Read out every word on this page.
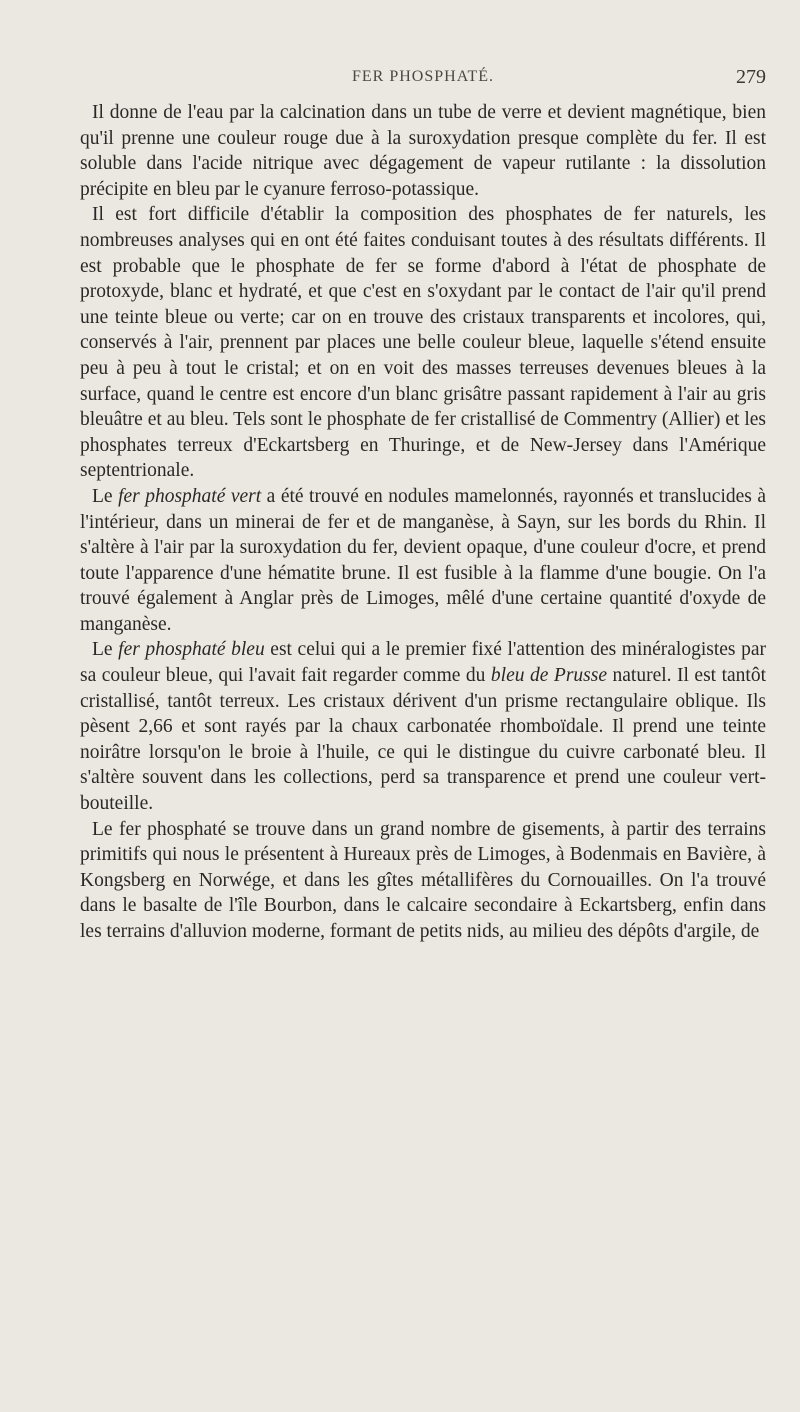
FER PHOSPHATÉ.	279

Il donne de l'eau par la calcination dans un tube de verre et devient magnétique, bien qu'il prenne une couleur rouge due à la suroxydation presque complète du fer. Il est soluble dans l'acide nitrique avec dégagement de vapeur rutilante : la dissolution précipite en bleu par le cyanure ferroso-potassique.

Il est fort difficile d'établir la composition des phosphates de fer naturels, les nombreuses analyses qui en ont été faites conduisant toutes à des résultats différents. Il est probable que le phosphate de fer se forme d'abord à l'état de phosphate de protoxyde, blanc et hydraté, et que c'est en s'oxydant par le contact de l'air qu'il prend une teinte bleue ou verte; car on en trouve des cristaux transparents et incolores, qui, conservés à l'air, prennent par places une belle couleur bleue, laquelle s'étend ensuite peu à peu à tout le cristal; et on en voit des masses terreuses devenues bleues à la surface, quand le centre est encore d'un blanc grisâtre passant rapidement à l'air au gris bleuâtre et au bleu. Tels sont le phosphate de fer cristallisé de Commentry (Allier) et les phosphates terreux d'Eckartsberg en Thuringe, et de New-Jersey dans l'Amérique septentrionale.

Le fer phosphaté vert a été trouvé en nodules mamelonnés, rayonnés et translucides à l'intérieur, dans un minerai de fer et de manganèse, à Sayn, sur les bords du Rhin. Il s'altère à l'air par la suroxydation du fer, devient opaque, d'une couleur d'ocre, et prend toute l'apparence d'une hématite brune. Il est fusible à la flamme d'une bougie. On l'a trouvé également à Anglar près de Limoges, mêlé d'une certaine quantité d'oxyde de manganèse.

Le fer phosphaté bleu est celui qui a le premier fixé l'attention des minéralogistes par sa couleur bleue, qui l'avait fait regarder comme du bleu de Prusse naturel. Il est tantôt cristallisé, tantôt terreux. Les cristaux dérivent d'un prisme rectangulaire oblique. Ils pèsent 2,66 et sont rayés par la chaux carbonatée rhomboïdale. Il prend une teinte noirâtre lorsqu'on le broie à l'huile, ce qui le distingue du cuivre carbonaté bleu. Il s'altère souvent dans les collections, perd sa transparence et prend une couleur vert-bouteille.

Le fer phosphaté se trouve dans un grand nombre de gisements, à partir des terrains primitifs qui nous le présentent à Hureaux près de Limoges, à Bodenmais en Bavière, à Kongsberg en Norwége, et dans les gîtes métallifères du Cornouailles. On l'a trouvé dans le basalte de l'île Bourbon, dans le calcaire secondaire à Eckartsberg, enfin dans les terrains d'alluvion moderne, formant de petits nids, au milieu des dépôts d'argile, de
